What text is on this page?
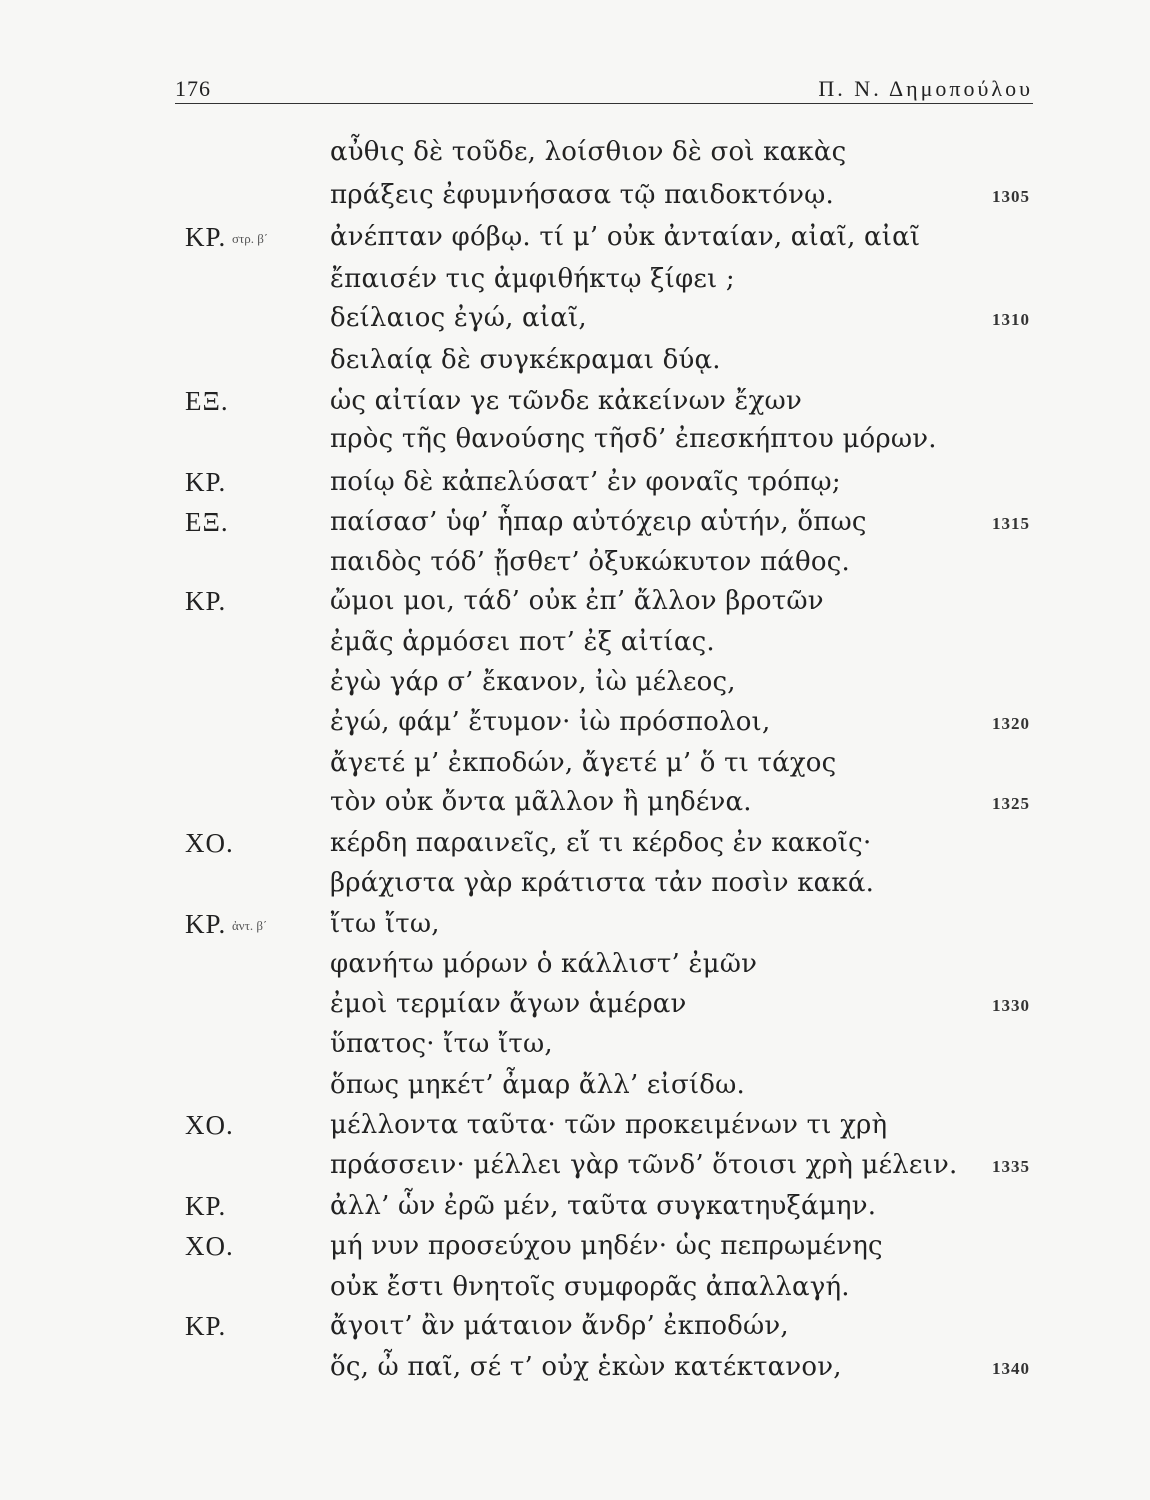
176	Π. Ν. Δημοπούλου
αὖθις δὲ τοῦδε, λοίσθιον δὲ σοὶ κακὰς
πράξεις ἐφυμνήσασα τῷ παιδοκτόνῳ.	1305
ΚΡ. στρ. β΄ ἀνέπταν φόβῳ. τί μ’ οὐκ ἀνταίαν, αἰαῖ, αἰαῖ
ἔπαισέν τις ἀμφιθήκτῳ ξίφει ;
δείλαιος ἐγώ, αἰαῖ,	1310
δειλαίᾳ δὲ συγκέκραμαι δύᾳ.
ΕΞ.	ὡς αἰτίαν γε τῶνδε κἀκείνων ἔχων
πρὸς τῆς θανούσης τῆσδ’ ἐπεσκήπτου μόρων.
ΚΡ.	ποίῳ δὲ κἀπελύσατ’ ἐν φοναῖς τρόπῳ;
ΕΞ.	παίσασ’ ὑφ’ ἧπαρ αὐτόχειρ αὑτήν, ὅπως	1315
παιδὸς τόδ’ ᾔσθετ’ ὀξυκώκυτον πάθος.
ΚΡ.	ὤμοι μοι, τάδ’ οὐκ ἐπ’ ἄλλον βροτῶν
ἐμᾶς ἁρμόσει ποτ’ ἐξ αἰτίας.
ἐγὼ γάρ σ’ ἔκανον, ἰὼ μέλεος,
ἐγώ, φάμ’ ἔτυμον· ἰὼ πρόσπολοι,	1320
ἄγετέ μ’ ἐκποδών, ἄγετέ μ’ ὅ τι τάχος
τὸν οὐκ ὄντα μᾶλλον ἢ μηδένα.	1325
ΧΟ.	κέρδη παραινεῖς, εἴ τι κέρδος ἐν κακοῖς·
βράχιστα γὰρ κράτιστα τἀν ποσὶν κακά.
ΚΡ. ἀντ. β΄ ἴτω ἴτω,
φανήτω μόρων ὁ κάλλιστ’ ἐμῶν
ἐμοὶ τερμίαν ἄγων ἁμέραν	1330
ὕπατος· ἴτω ἴτω,
ὅπως μηκέτ’ ἆμαρ ἄλλ’ εἰσίδω.
ΧΟ.	μέλλοντα ταῦτα· τῶν προκειμένων τι χρὴ
πράσσειν· μέλλει γὰρ τῶνδ’ ὅτοισι χρὴ μέλειν. 1335
ΚΡ.	ἀλλ’ ὧν ἐρῶ μέν, ταῦτα συγκατηυξάμην.
ΧΟ.	μή νυν προσεύχου μηδέν· ὡς πεπρωμένης
οὐκ ἔστι θνητοῖς συμφορᾶς ἀπαλλαγή.
ΚΡ.	ἄγοιτ’ ἂν μάταιον ἄνδρ’ ἐκποδών,
ὅς, ὦ παῖ, σέ τ’ οὐχ ἑκὼν κατέκτανον,	1340
